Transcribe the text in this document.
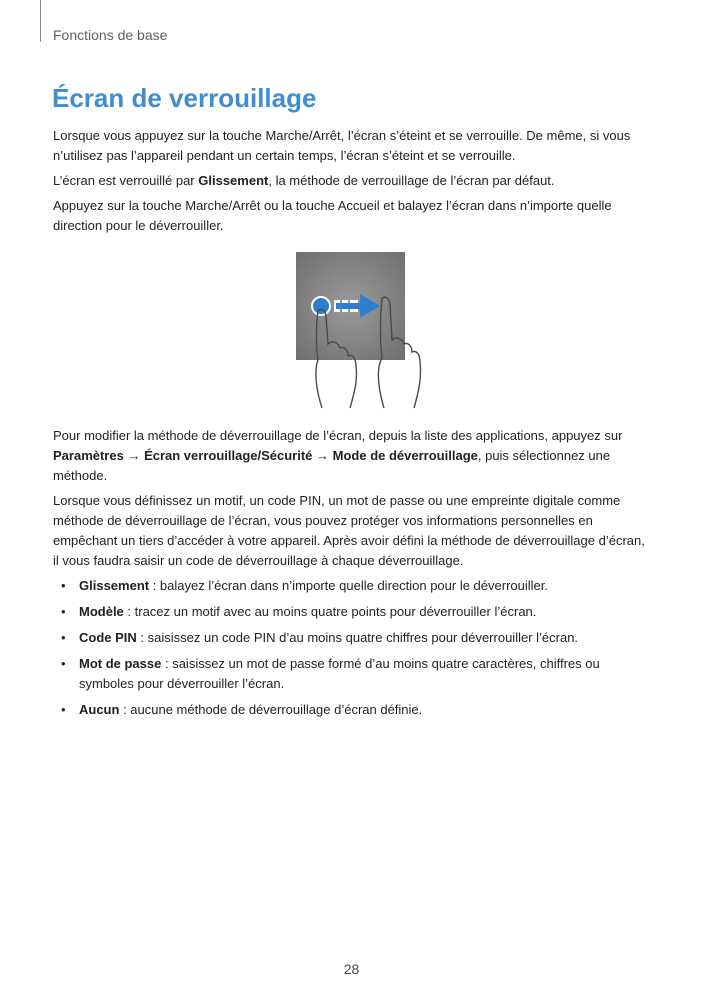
Fonctions de base
Écran de verrouillage

Lorsque vous appuyez sur la touche Marche/Arrêt, l’écran s’éteint et se verrouille. De même, si vous n’utilisez pas l’appareil pendant un certain temps, l’écran s’éteint et se verrouille.

L’écran est verrouillé par Glissement, la méthode de verrouillage de l’écran par défaut.

Appuyez sur la touche Marche/Arrêt ou la touche Accueil et balayez l’écran dans n’importe quelle direction pour le déverrouiller.

Pour modifier la méthode de déverrouillage de l’écran, depuis la liste des applications, appuyez sur Paramètres → Écran verrouillage/Sécurité → Mode de déverrouillage, puis sélectionnez une méthode.

Lorsque vous définissez un motif, un code PIN, un mot de passe ou une empreinte digitale comme méthode de déverrouillage de l’écran, vous pouvez protéger vos informations personnelles en empêchant un tiers d’accéder à votre appareil. Après avoir défini la méthode de déverrouillage d’écran, il vous faudra saisir un code de déverrouillage à chaque déverrouillage.

• Glissement : balayez l’écran dans n’importe quelle direction pour le déverrouiller.
• Modèle : tracez un motif avec au moins quatre points pour déverrouiller l’écran.
• Code PIN : saisissez un code PIN d’au moins quatre chiffres pour déverrouiller l’écran.
• Mot de passe : saisissez un mot de passe formé d’au moins quatre caractères, chiffres ou symboles pour déverrouiller l’écran.
• Aucun : aucune méthode de déverrouillage d’écran définie.
28
